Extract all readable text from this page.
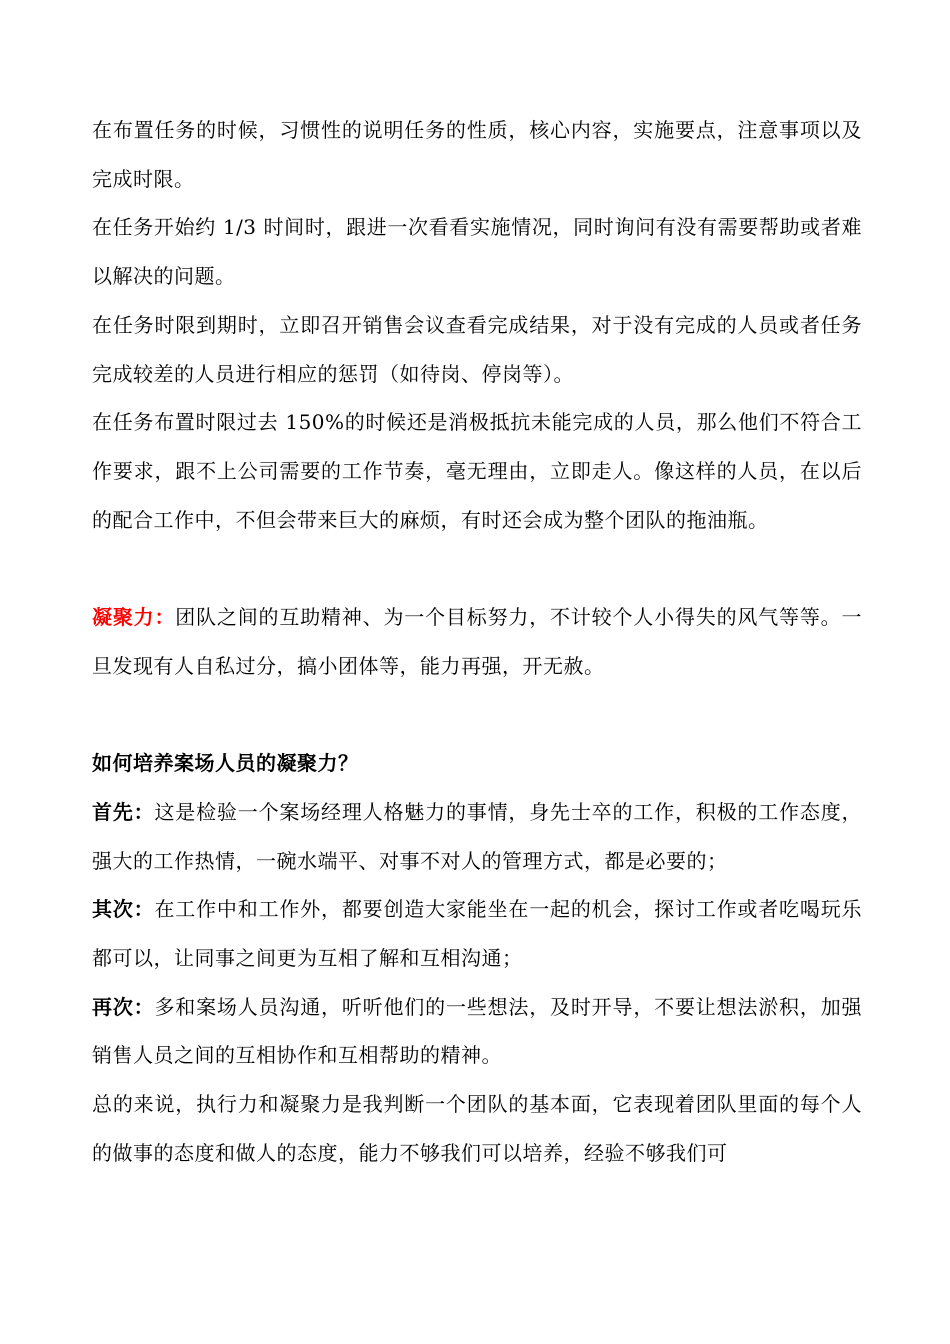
在布置任务的时候，习惯性的说明任务的性质，核心内容，实施要点，注意事项以及完成时限。

在任务开始约 1/3 时间时，跟进一次看看实施情况，同时询问有没有需要帮助或者难以解决的问题。

在任务时限到期时，立即召开销售会议查看完成结果，对于没有完成的人员或者任务完成较差的人员进行相应的惩罚（如待岗、停岗等）。

在任务布置时限过去 150%的时候还是消极抵抗未能完成的人员，那么他们不符合工作要求，跟不上公司需要的工作节奏，毫无理由，立即走人。像这样的人员，在以后的配合工作中，不但会带来巨大的麻烦，有时还会成为整个团队的拖油瓶。

凝聚力：团队之间的互助精神、为一个目标努力，不计较个人小得失的风气等等。一旦发现有人自私过分，搞小团体等，能力再强，开无赦。

如何培养案场人员的凝聚力？

首先：这是检验一个案场经理人格魅力的事情，身先士卒的工作，积极的工作态度，强大的工作热情，一碗水端平、对事不对人的管理方式，都是必要的；

其次：在工作中和工作外，都要创造大家能坐在一起的机会，探讨工作或者吃喝玩乐都可以，让同事之间更为互相了解和互相沟通；

再次：多和案场人员沟通，听听他们的一些想法，及时开导，不要让想法淤积，加强销售人员之间的互相协作和互相帮助的精神。

总的来说，执行力和凝聚力是我判断一个团队的基本面，它表现着团队里面的每个人的做事的态度和做人的态度，能力不够我们可以培养，经验不够我们可
